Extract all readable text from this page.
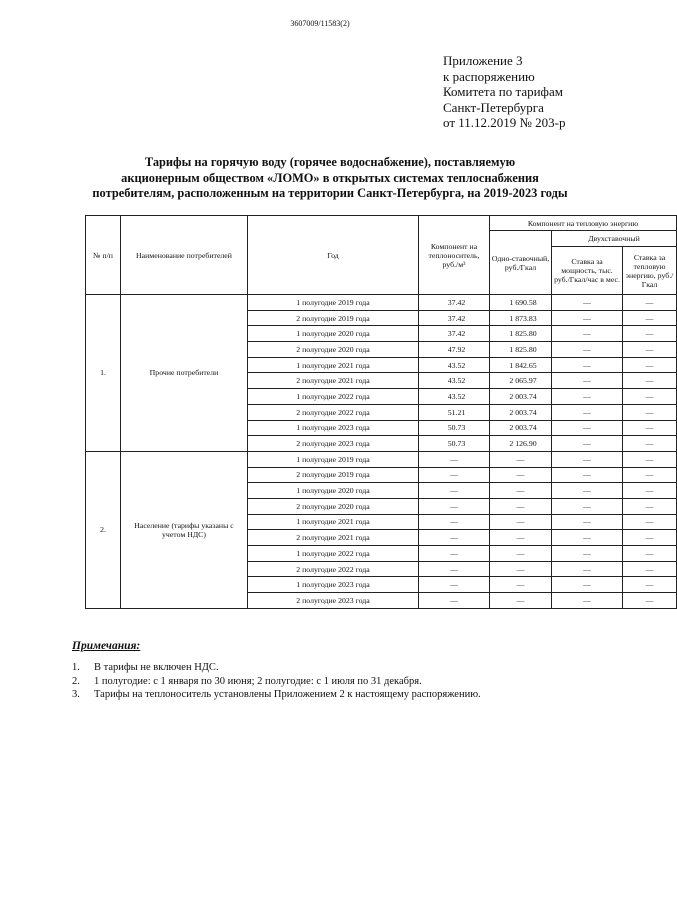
3607009/11583(2)
Приложение 3
к распоряжению
Комитета по тарифам
Санкт-Петербурга
от 11.12.2019 № 203-р
Тарифы на горячую воду (горячее водоснабжение), поставляемую
акционерным обществом «ЛОМО» в открытых системах теплоснабжения
потребителям, расположенным на территории Санкт-Петербурга, на 2019-2023 годы
№ п/п	Наименование потребителей	Год	Компонент на теплоноситель, руб./м³	Компонент на тепловую энергию		
				Одно-ставочный, руб./Гкал	Двухставочный	
					Ставка за мощность, тыс. руб./Гкал/час в мес.	Ставка за тепловую энергию, руб./Гкал
1.	Прочие потребители	1 полугодие 2019 года	37.42	1 690.58	—	—
		2 полугодие 2019 года	37.42	1 873.83	—	—
		1 полугодие 2020 года	37.42	1 825.80	—	—
		2 полугодие 2020 года	47.92	1 825.80	—	—
		1 полугодие 2021 года	43.52	1 842.65	—	—
		2 полугодие 2021 года	43.52	2 065.97	—	—
		1 полугодие 2022 года	43.52	2 003.74	—	—
		2 полугодие 2022 года	51.21	2 003.74	—	—
		1 полугодие 2023 года	50.73	2 003.74	—	—
		2 полугодие 2023 года	50.73	2 126.90	—	—
2.	Население (тарифы указаны с учетом НДС)	1 полугодие 2019 года	—	—	—	—
		2 полугодие 2019 года	—	—	—	—
		1 полугодие 2020 года	—	—	—	—
		2 полугодие 2020 года	—	—	—	—
		1 полугодие 2021 года	—	—	—	—
		2 полугодие 2021 года	—	—	—	—
		1 полугодие 2022 года	—	—	—	—
		2 полугодие 2022 года	—	—	—	—
		1 полугодие 2023 года	—	—	—	—
		2 полугодие 2023 года	—	—	—	—
Примечания:
1. В тарифы не включен НДС.
2. 1 полугодие: с 1 января по 30 июня; 2 полугодие: с 1 июля по 31 декабря.
3. Тарифы на теплоноситель установлены Приложением 2 к настоящему распоряжению.
